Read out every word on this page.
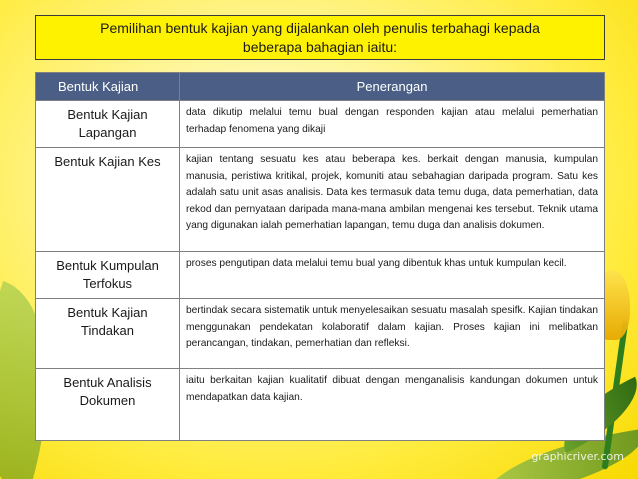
Pemilihan bentuk kajian yang dijalankan oleh penulis terbahagi kepada beberapa bahagian iaitu:
Bentuk Kajian	Penerangan
Bentuk Kajian Lapangan	data dikutip melalui temu bual dengan responden kajian atau melalui pemerhatian terhadap fenomena yang dikaji
Bentuk Kajian Kes	kajian tentang sesuatu kes atau beberapa kes. berkait dengan manusia, kumpulan manusia, peristiwa kritikal, projek, komuniti atau sebahagian daripada program. Satu kes adalah satu unit asas analisis. Data kes termasuk data temu duga, data pemerhatian, data rekod dan pernyataan daripada mana-mana ambilan mengenai kes tersebut. Teknik utama yang digunakan ialah pemerhatian lapangan, temu duga dan analisis dokumen.
Bentuk Kumpulan Terfokus	proses pengutipan data melalui temu bual yang dibentuk khas untuk kumpulan kecil.
Bentuk Kajian Tindakan	bertindak secara sistematik untuk menyelesaikan sesuatu masalah spesifk. Kajian tindakan menggunakan pendekatan kolaboratif dalam kajian. Proses kajian ini melibatkan perancangan, tindakan, pemerhatian dan refleksi.
Bentuk Analisis Dokumen	iaitu berkaitan kajian kualitatif dibuat dengan menganalisis kandungan dokumen untuk mendapatkan data kajian.
graphicriver.com
